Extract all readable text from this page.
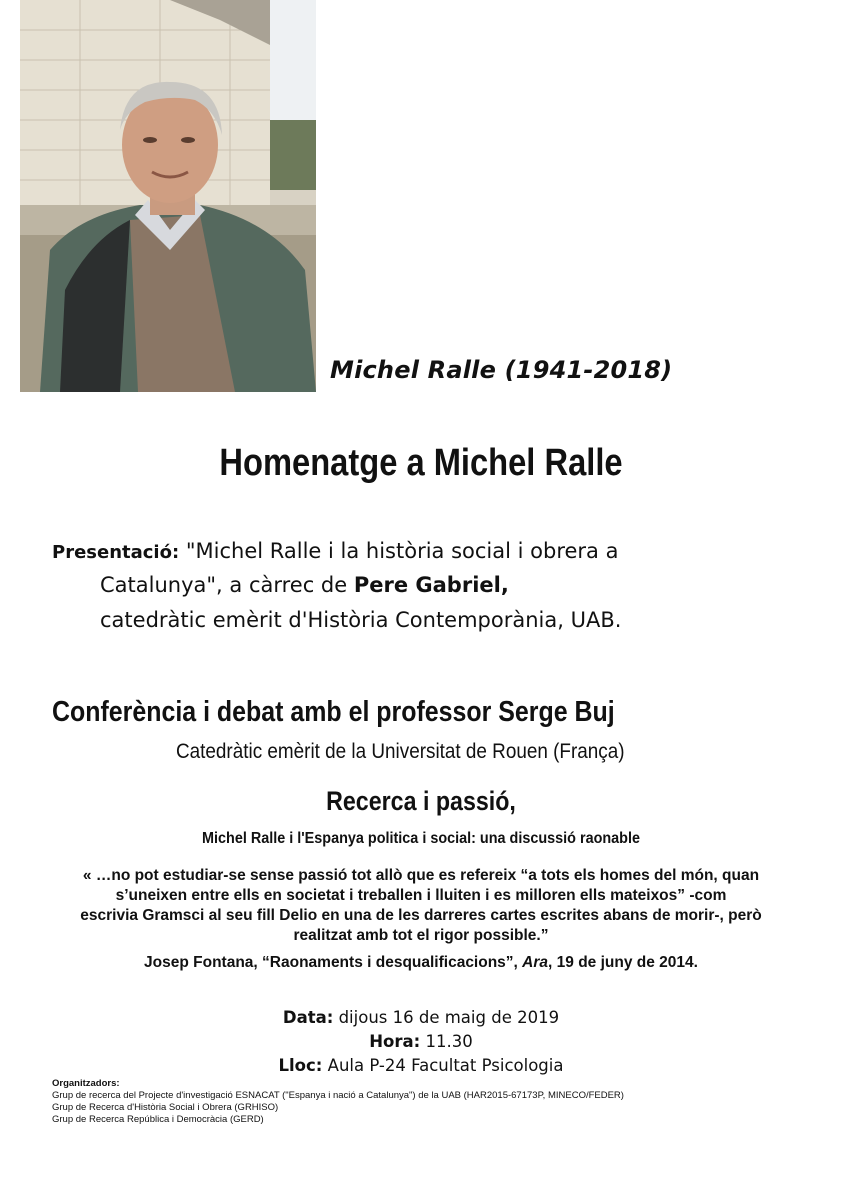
Michel Ralle (1941-2018)
Homenatge a Michel Ralle
Presentació: "Michel Ralle i la història social i obrera a
Catalunya", a càrrec de Pere Gabriel,
catedràtic emèrit d'Història Contemporània, UAB.
Conferència i debat amb el professor Serge Buj
Catedràtic emèrit de la Universitat de Rouen (França)
Recerca i passió,
Michel Ralle i l'Espanya politica i social: una discussió raonable
« …no pot estudiar-se sense passió tot allò que es refereix “a tots els homes del món, quan
s’uneixen entre ells en societat i treballen i lluiten i es milloren ells mateixos” -com
escrivia Gramsci al seu fill Delio en una de les darreres cartes escrites abans de morir-, però
realitzat amb tot el rigor possible.”
Josep Fontana, “Raonaments i desqualificacions”, Ara, 19 de juny de 2014.
Data: dijous 16 de maig de 2019
Hora: 11.30
Lloc: Aula P-24 Facultat Psicologia
Organitzadors:
Grup de recerca del Projecte d'investigació ESNACAT ("Espanya i nació a Catalunya") de la UAB (HAR2015-67173P, MINECO/FEDER)
Grup de Recerca d'Història Social i Obrera (GRHISO)
Grup de Recerca República i Democràcia (GERD)
